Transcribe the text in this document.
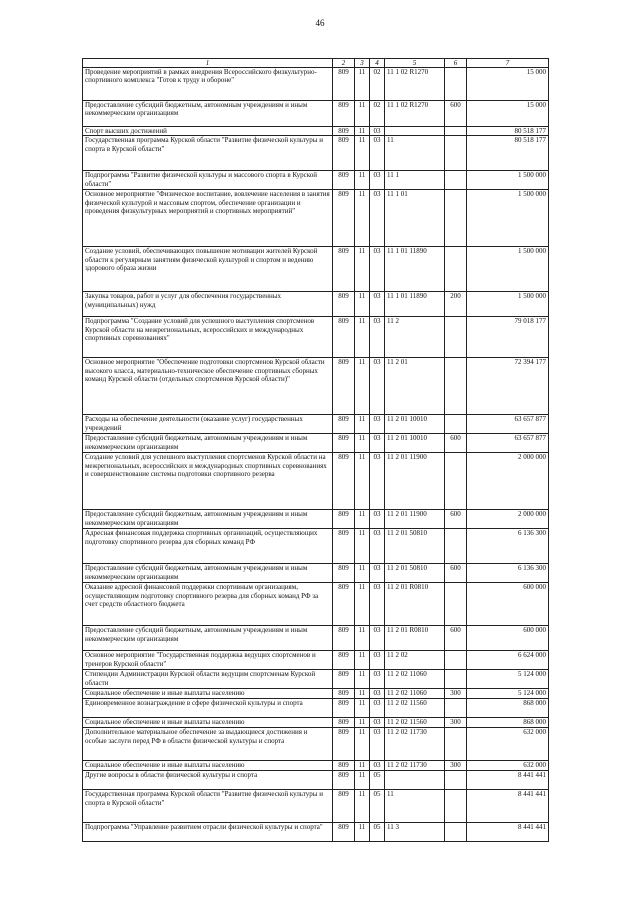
46
1	2	3	4	5	6	7
Проведение мероприятий в рамках внедрения Всероссийского физкультурно-спортивного комплекса "Готов к труду и обороне"	809	11	02	11 1 02 R1270		15 000
Предоставление субсидий бюджетным, автономным учреждениям и иным некоммерческим организациям	809	11	02	11 1 02 R1270	600	15 000
Спорт высших достижений	809	11	03			80 518 177
Государственная программа Курской области "Развитие физической культуры и спорта в Курской области"	809	11	03	11		80 518 177
Подпрограмма "Развитие физической культуры и массового спорта в Курской области"	809	11	03	11 1		1 500 000
Основное мероприятие "Физическое воспитание, вовлечение населения в занятия физической культурой и массовым спортом, обеспечение организации и проведения физкультурных мероприятий и спортивных мероприятий"	809	11	03	11 1 01		1 500 000
Создание условий, обеспечивающих повышение мотивации жителей Курской области к регулярным занятиям физической культурой и спортом и ведению здорового образа жизни	809	11	03	11 1 01 11890		1 500 000
Закупка товаров, работ и услуг для обеспечения государственных (муниципальных) нужд	809	11	03	11 1 01 11890	200	1 500 000
Подпрограмма "Создание условий для успешного выступления спортсменов Курской области на межрегиональных, всероссийских и международных спортивных соревнованиях"	809	11	03	11 2		79 018 177
Основное мероприятие "Обеспечение подготовки спортсменов Курской области высокого класса, материально-техническое обеспечение спортивных сборных команд Курской области (отдельных спортсменов Курской области)"	809	11	03	11 2 01		72 394 177
Расходы на обеспечение деятельности (оказание услуг) государственных учреждений	809	11	03	11 2 01 10010		63 657 877
Предоставление субсидий бюджетным, автономным учреждениям и иным некоммерческим организациям	809	11	03	11 2 01 10010	600	63 657 877
Создание условий для успешного выступления спортсменов Курской области на межрегиональных, всероссийских и международных спортивных соревнованиях и совершенствование системы подготовки спортивного резерва	809	11	03	11 2 01 11900		2 000 000
Предоставление субсидий бюджетным, автономным учреждениям и иным некоммерческим организациям	809	11	03	11 2 01 11900	600	2 000 000
Адресная финансовая поддержка спортивных организаций, осуществляющих подготовку спортивного резерва для сборных команд РФ	809	11	03	11 2 01 50810		6 136 300
Предоставление субсидий бюджетным, автономным учреждениям и иным некоммерческим организациям	809	11	03	11 2 01 50810	600	6 136 300
Оказание адресной финансовой поддержки спортивным организациям, осуществляющим подготовку спортивного резерва для сборных команд РФ за счет средств областного бюджета	809	11	03	11 2 01 R0810		600 000
Предоставление субсидий бюджетным, автономным учреждениям и иным некоммерческим организациям	809	11	03	11 2 01 R0810	600	600 000
Основное мероприятие "Государственная поддержка ведущих спортсменов и тренеров Курской области"	809	11	03	11 2 02		6 624 000
Стипендии Администрации Курской области ведущим спортсменам Курской области	809	11	03	11 2 02 11060		5 124 000
Социальное обеспечение и иные выплаты населению	809	11	03	11 2 02 11060	300	5 124 000
Единовременное вознаграждение в сфере физической культуры и спорта	809	11	03	11 2 02 11560		868 000
Социальное обеспечение и иные выплаты населению	809	11	03	11 2 02 11560	300	868 000
Дополнительное материальное обеспечение за выдающиеся достижения и особые заслуги перед РФ в области физической культуры и спорта	809	11	03	11 2 02 11730		632 000
Социальное обеспечение и иные выплаты населению	809	11	03	11 2 02 11730	300	632 000
Другие вопросы в области физической культуры и спорта	809	11	05			8 441 441
Государственная программа Курской области "Развитие физической культуры и спорта в Курской области"	809	11	05	11		8 441 441
Подпрограмма "Управление развитием отрасли физической культуры и спорта"	809	11	05	11 3		8 441 441
